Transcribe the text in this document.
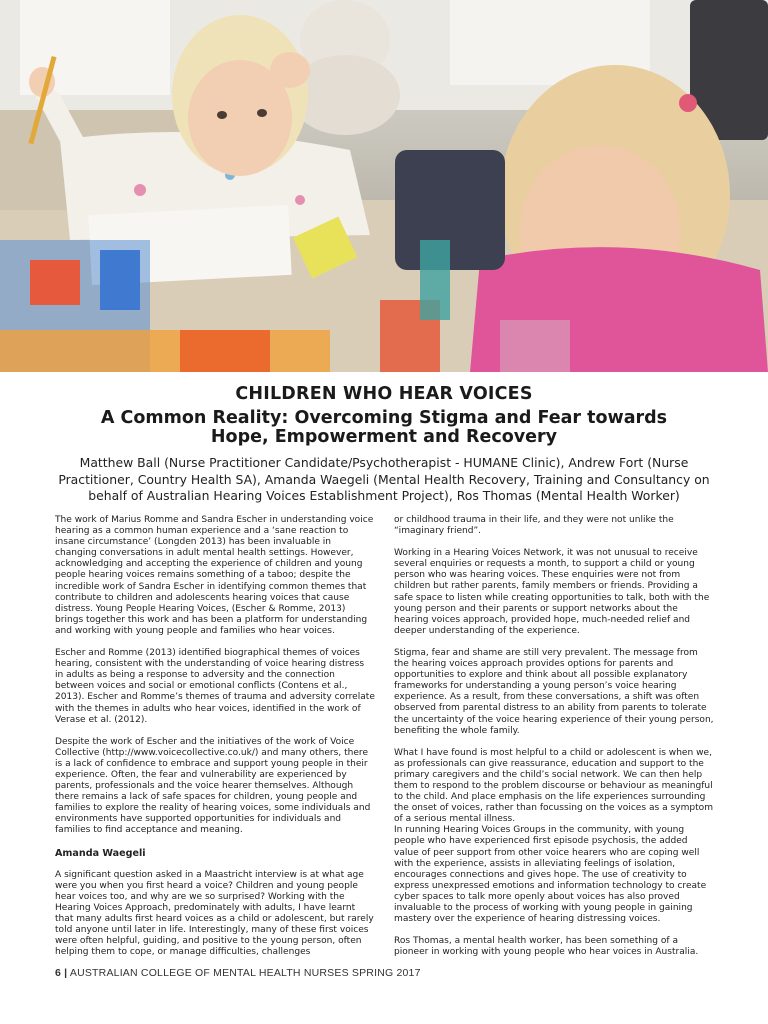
CHILDREN WHO HEAR VOICES
A Common Reality: Overcoming Stigma and Fear towards Hope, Empowerment and Recovery
Matthew Ball (Nurse Practitioner Candidate/Psychotherapist - HUMANE Clinic), Andrew Fort (Nurse Practitioner, Country Health SA), Amanda Waegeli (Mental Health Recovery, Training and Consultancy on behalf of Australian Hearing Voices Establishment Project), Ros Thomas (Mental Health Worker)

The work of Marius Romme and Sandra Escher in understanding voice hearing as a common human experience and a ‘sane reaction to insane circumstance’ (Longden 2013) has been invaluable in changing conversations in adult mental health settings. However, acknowledging and accepting the experience of children and young people hearing voices remains something of a taboo; despite the incredible work of Sandra Escher in identifying common themes that contribute to children and adolescents hearing voices that cause distress. Young People Hearing Voices, (Escher & Romme, 2013) brings together this work and has been a platform for understanding and working with young people and families who hear voices.

Escher and Romme (2013) identified biographical themes of voices hearing, consistent with the understanding of voice hearing distress in adults as being a response to adversity and the connection between voices and social or emotional conflicts (Contens et al., 2013). Escher and Romme’s themes of trauma and adversity correlate with the themes in adults who hear voices, identified in the work of Verase et al. (2012).

Despite the work of Escher and the initiatives of the work of Voice Collective (http://www.voicecollective.co.uk/) and many others, there is a lack of confidence to embrace and support young people in their experience. Often, the fear and vulnerability are experienced by parents, professionals and the voice hearer themselves. Although there remains a lack of safe spaces for children, young people and families to explore the reality of hearing voices, some individuals and environments have supported opportunities for individuals and families to find acceptance and meaning.

Amanda Waegeli

A significant question asked in a Maastricht interview is at what age were you when you first heard a voice? Children and young people hear voices too, and why are we so surprised? Working with the Hearing Voices Approach, predominately with adults, I have learnt that many adults first heard voices as a child or adolescent, but rarely told anyone until later in life. Interestingly, many of these first voices were often helpful, guiding, and positive to the young person, often helping them to cope, or manage difficulties, challenges

or childhood trauma in their life, and they were not unlike the “imaginary friend”.

Working in a Hearing Voices Network, it was not unusual to receive several enquiries or requests a month, to support a child or young person who was hearing voices. These enquiries were not from children but rather parents, family members or friends. Providing a safe space to listen while creating opportunities to talk, both with the young person and their parents or support networks about the hearing voices approach, provided hope, much-needed relief and deeper understanding of the experience.

Stigma, fear and shame are still very prevalent. The message from the hearing voices approach provides options for parents and opportunities to explore and think about all possible explanatory frameworks for understanding a young person’s voice hearing experience. As a result, from these conversations, a shift was often observed from parental distress to an ability from parents to tolerate the uncertainty of the voice hearing experience of their young person, benefiting the whole family.

What I have found is most helpful to a child or adolescent is when we, as professionals can give reassurance, education and support to the primary caregivers and the child’s social network. We can then help them to respond to the problem discourse or behaviour as meaningful to the child. And place emphasis on the life experiences surrounding the onset of voices, rather than focussing on the voices as a symptom of a serious mental illness.

In running Hearing Voices Groups in the community, with young people who have experienced first episode psychosis, the added value of peer support from other voice hearers who are coping well with the experience, assists in alleviating feelings of isolation, encourages connections and gives hope. The use of creativity to express unexpressed emotions and information technology to create cyber spaces to talk more openly about voices has also proved invaluable to the process of working with young people in gaining mastery over the experience of hearing distressing voices.

Ros Thomas, a mental health worker, has been something of a pioneer in working with young people who hear voices in Australia.

6 | AUSTRALIAN COLLEGE OF MENTAL HEALTH NURSES SPRING 2017
